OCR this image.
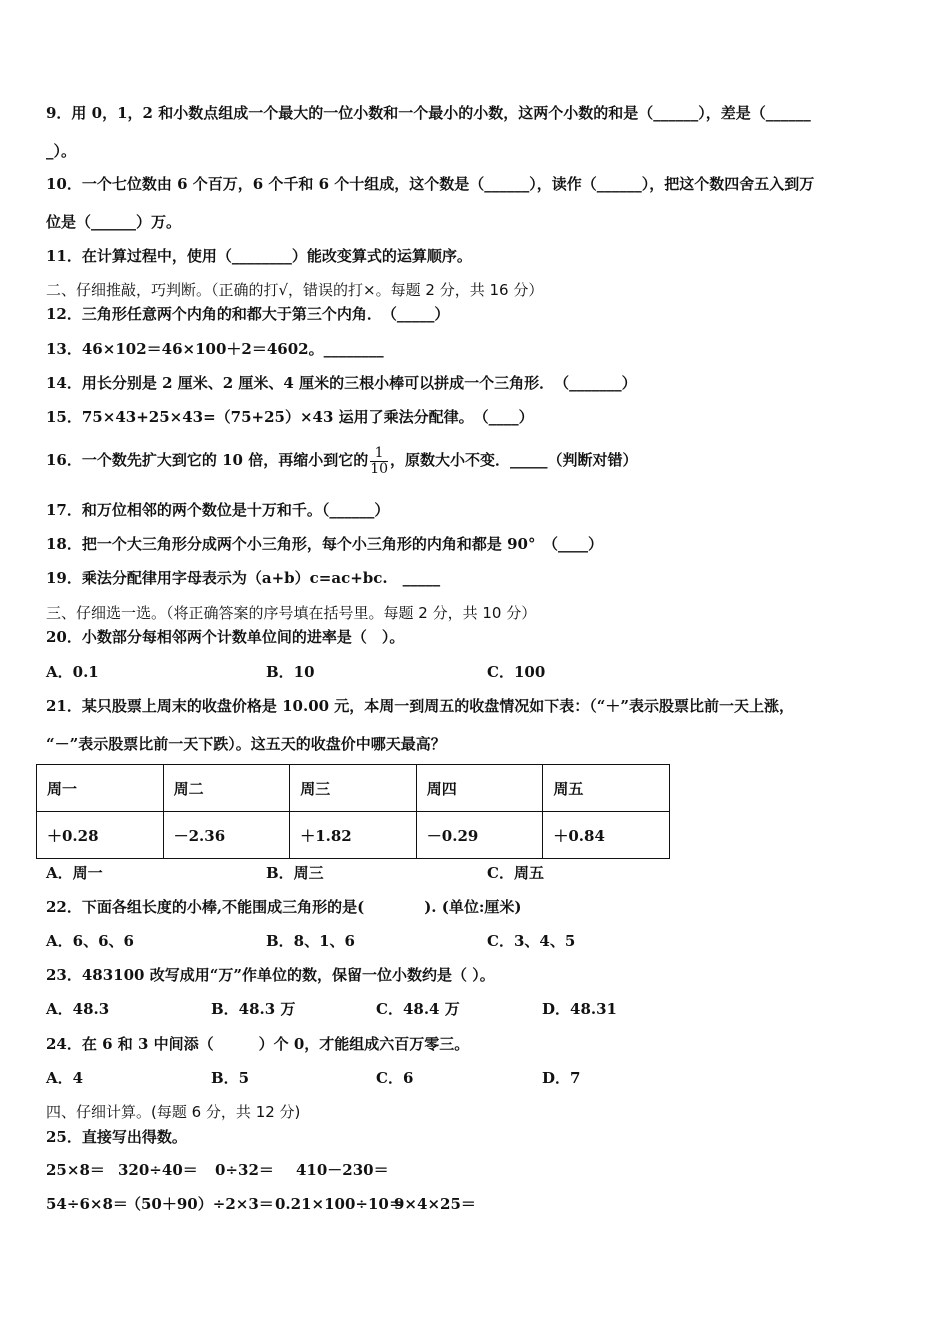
9．用 0，1，2 和小数点组成一个最大的一位小数和一个最小的小数，这两个小数的和是（______），差是（______
_）。
10．一个七位数由 6 个百万，6 个千和 6 个十组成，这个数是（______），读作（______），把这个数四舍五入到万
位是（______）万。
11．在计算过程中，使用（________）能改变算式的运算顺序。
二、仔细推敲，巧判断。（正确的打√，错误的打×。每题 2 分，共 16 分）
12．三角形任意两个内角的和都大于第三个内角．　（_____）
13．46×102＝46×100＋2＝4602。________
14．用长分别是 2 厘米、2 厘米、4 厘米的三根小棒可以拼成一个三角形．　（_______）
15．75×43+25×43=（75+25）×43 运用了乘法分配律。　（____）
16．一个数先扩大到它的 10 倍，再缩小到它的 $\frac{1}{10}$ ，原数大小不变．_____（判断对错）
17．和万位相邻的两个数位是十万和千。（______）
18．把一个大三角形分成两个小三角形，每个小三角形的内角和都是 90°　（____）
19．乘法分配律用字母表示为（a+b）c=ac+bc.　_____
三、仔细选一选。（将正确答案的序号填在括号里。每题 2 分，共 10 分）
20．小数部分每相邻两个计数单位间的进率是（　）。
A．0.1	B．10	C．100
21．某只股票上周末的收盘价格是 10.00 元，本周一到周五的收盘情况如下表：（“＋”表示股票比前一天上涨，
“－”表示股票比前一天下跌）。这五天的收盘价中哪天最高？
周一	周二	周三	周四	周五
＋0.28	－2.36	＋1.82	－0.29	＋0.84
A．周一	B．周三	C．周五
22．下面各组长度的小棒,不能围成三角形的是(　　　　). (单位:厘米)
A．6、6、6	B．8、1、6	C．3、4、5
23．483100 改写成用“万”作单位的数，保留一位小数约是（ ）。
A．48.3	B．48.3 万	C．48.4 万	D．48.31
24．在 6 和 3 中间添（　　　）个 0，才能组成六百万零三。
A．4	B．5	C．6	D．7
四、仔细计算。(每题 6 分，共 12 分)
25．直接写出得数。
25×8＝ 320÷40＝ 0÷32＝ 410－230＝
54÷6×8＝
（50＋90）÷2×3＝ 0.21×100÷10＝
9×4×25＝
